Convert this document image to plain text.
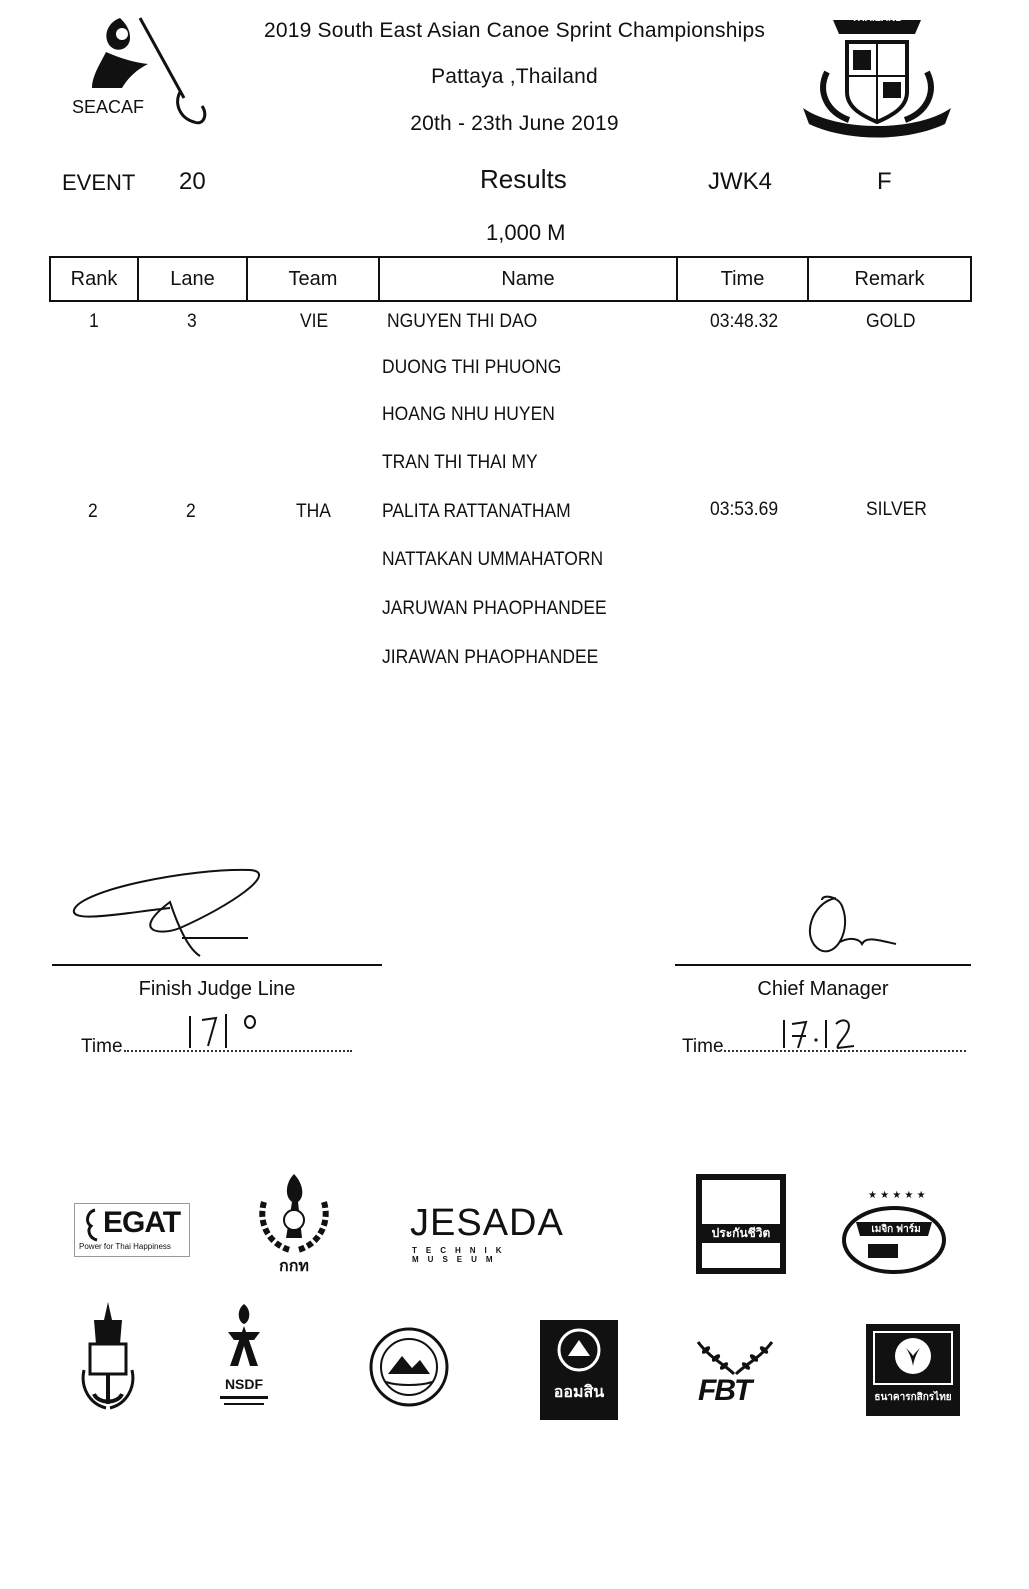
SEACAF
2019 South East Asian Canoe Sprint Championships
Pattaya ,Thailand
20th - 23th June 2019
THAILAND
EVENT 20	Results	JWK4	F
1,000 M
Rank	Lane	Team	Name	Time	Remark
1	3	VIE	NGUYEN THI DAO
DUONG THI PHUONG
HOANG NHU HUYEN
TRAN THI THAI MY
03:48.32	GOLD
2	2	THA	PALITA RATTANATHAM
NATTAKAN UMMAHATORN
JARUWAN PHAOPHANDEE
JIRAWAN PHAOPHANDEE
03:53.69	SILVER
Finish Judge Line
Time
Chief Manager
Time
EGAT
Power for Thai Happiness
กกท
JESADA
TECHNIK MUSEUM
ประกันชีวิต
★ ★ ★ ★ ★
เมจิก ฟาร์ม
NSDF	ออมสิน	FBT	ธนาคารกสิกรไทย
